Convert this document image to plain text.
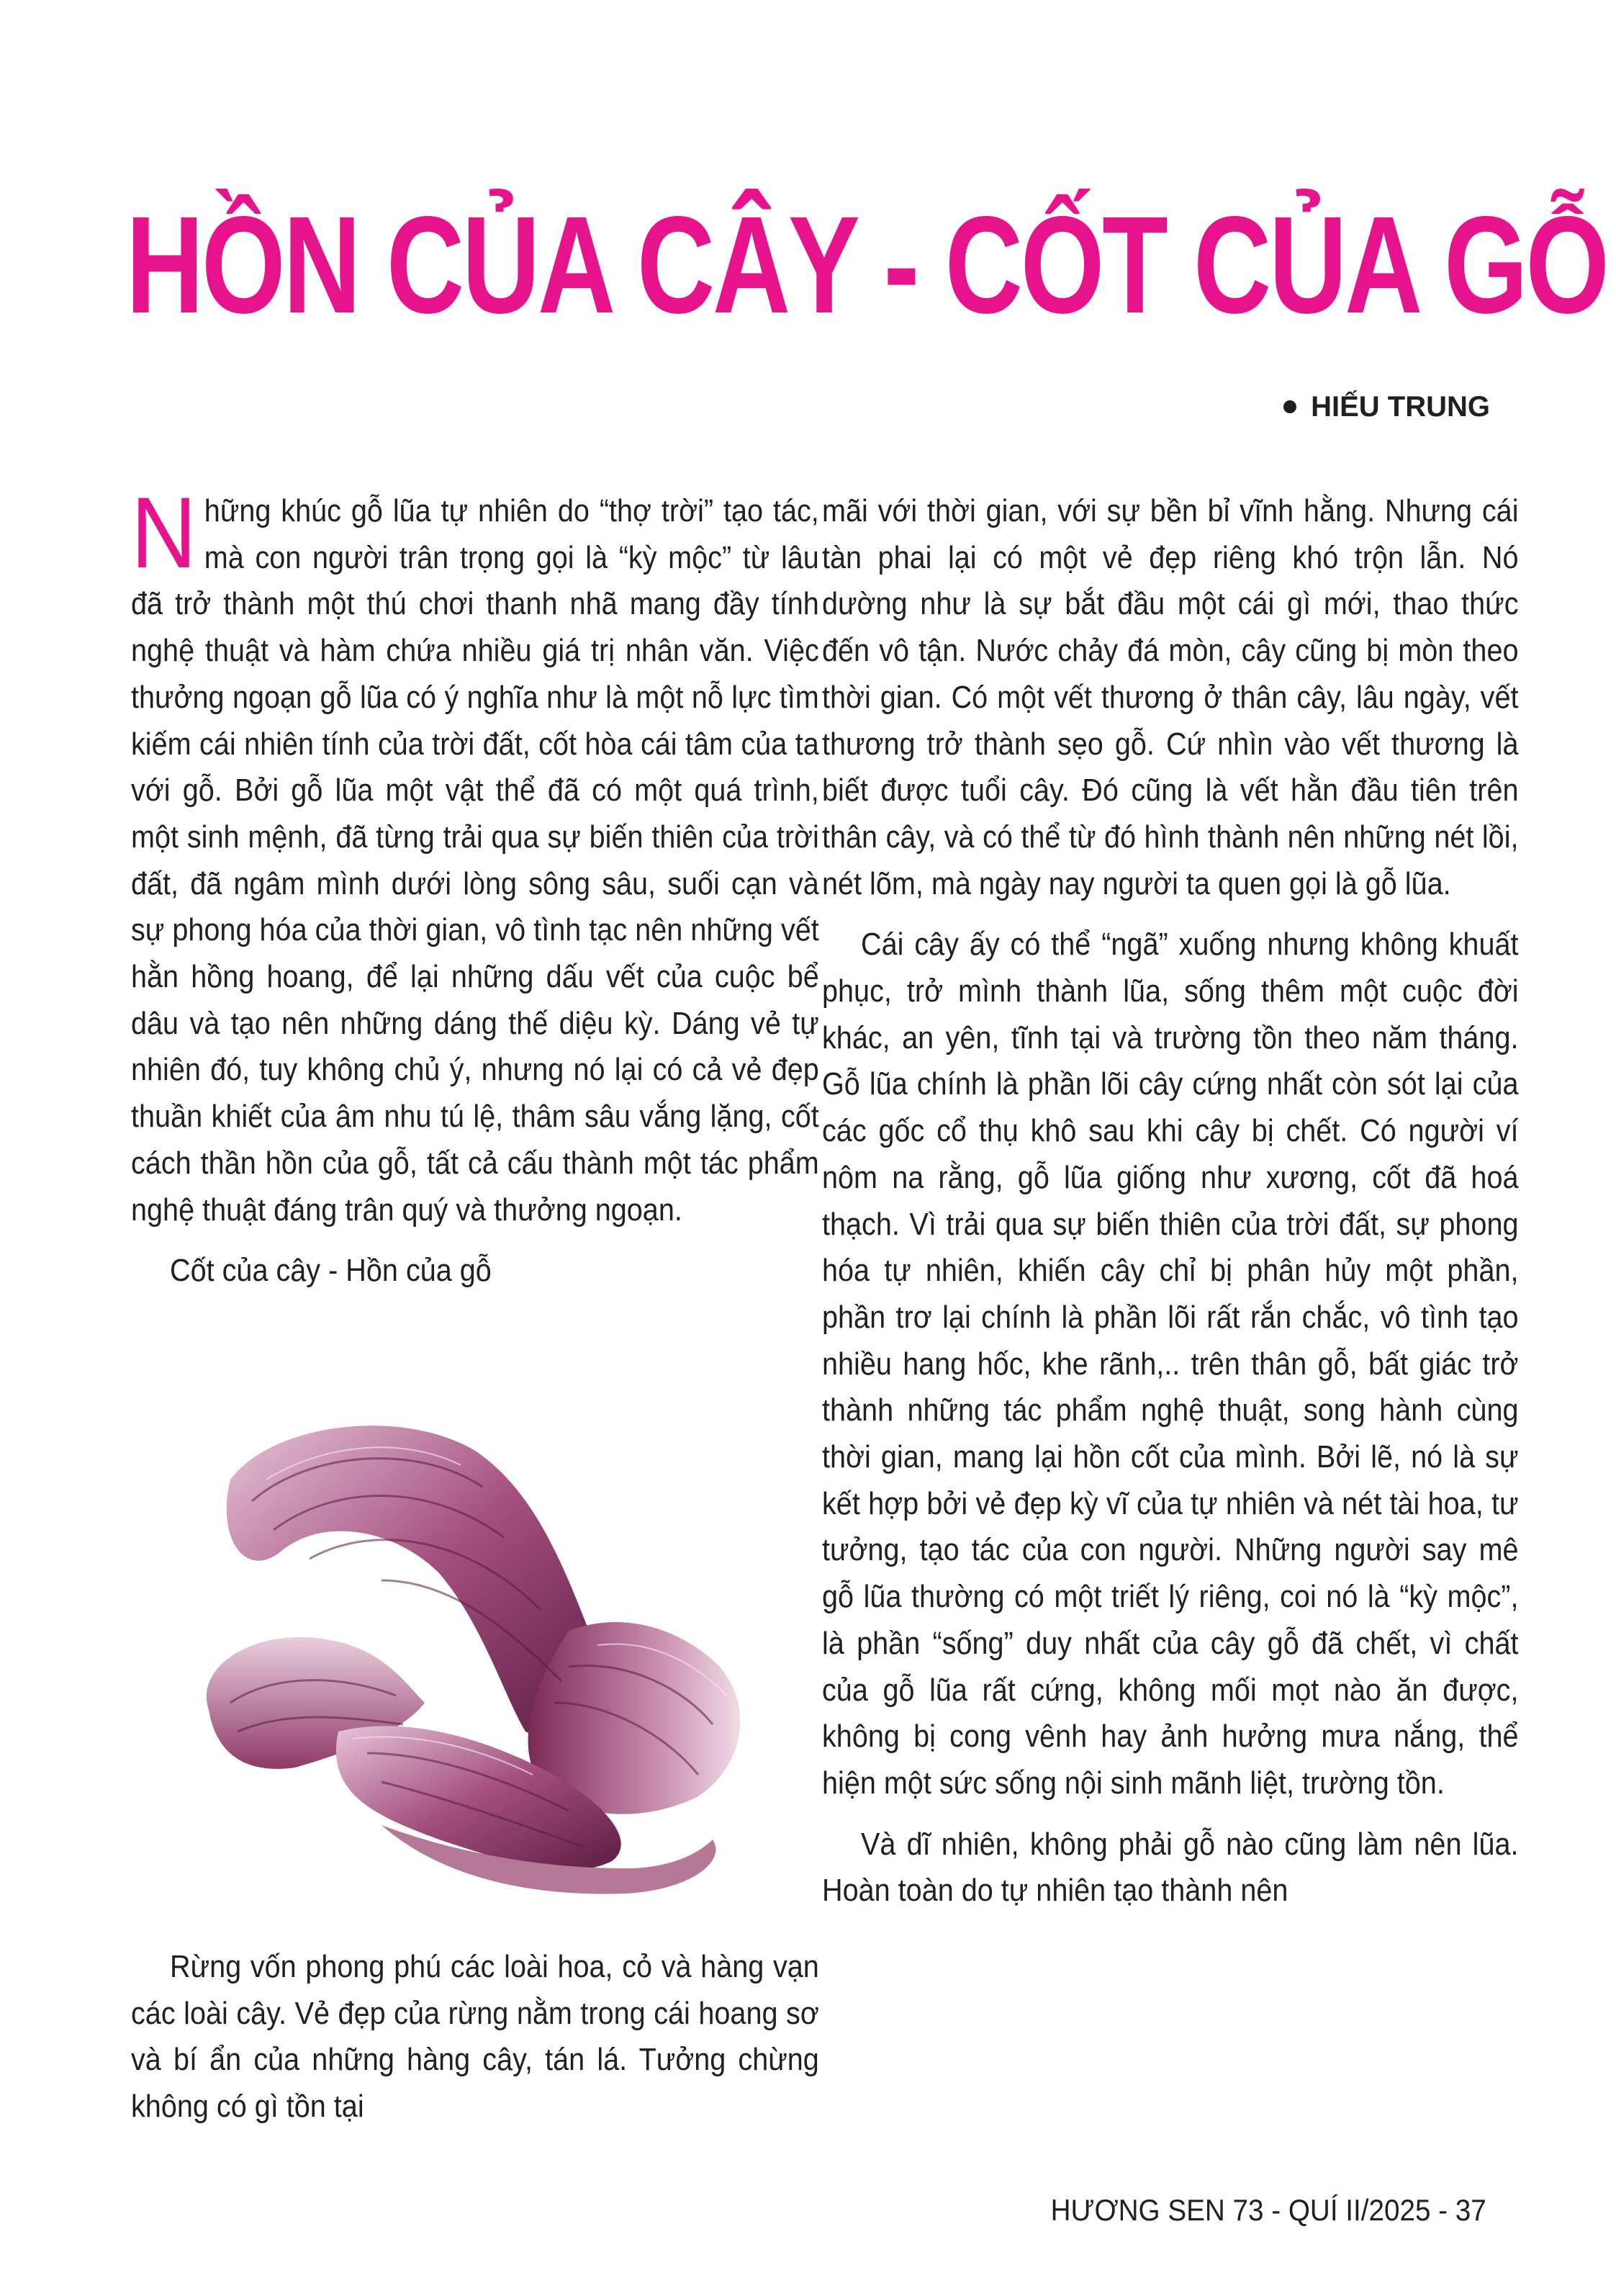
HỒN CỦA CÂY - CỐT CỦA GỖ
HIẾU TRUNG

Những khúc gỗ lũa tự nhiên do “thợ trời” tạo tác, mà con người trân trọng gọi là “kỳ mộc” từ lâu đã trở thành một thú chơi thanh nhã mang đầy tính nghệ thuật và hàm chứa nhiều giá trị nhân văn. Việc thưởng ngoạn gỗ lũa có ý nghĩa như là một nỗ lực tìm kiếm cái nhiên tính của trời đất, cốt hòa cái tâm của ta với gỗ. Bởi gỗ lũa một vật thể đã có một quá trình, một sinh mệnh, đã từng trải qua sự biến thiên của trời đất, đã ngâm mình dưới lòng sông sâu, suối cạn và sự phong hóa của thời gian, vô tình tạc nên những vết hằn hồng hoang, để lại những dấu vết của cuộc bể dâu và tạo nên những dáng thế diệu kỳ. Dáng vẻ tự nhiên đó, tuy không chủ ý, nhưng nó lại có cả vẻ đẹp thuần khiết của âm nhu tú lệ, thâm sâu vắng lặng, cốt cách thần hồn của gỗ, tất cả cấu thành một tác phẩm nghệ thuật đáng trân quý và thưởng ngoạn.

Cốt của cây - Hồn của gỗ

Rừng vốn phong phú các loài hoa, cỏ và hàng vạn các loài cây. Vẻ đẹp của rừng nằm trong cái hoang sơ và bí ẩn của những hàng cây, tán lá. Tưởng chừng không có gì tồn tại

mãi với thời gian, với sự bền bỉ vĩnh hằng. Nhưng cái tàn phai lại có một vẻ đẹp riêng khó trộn lẫn. Nó dường như là sự bắt đầu một cái gì mới, thao thức đến vô tận. Nước chảy đá mòn, cây cũng bị mòn theo thời gian. Có một vết thương ở thân cây, lâu ngày, vết thương trở thành sẹo gỗ. Cứ nhìn vào vết thương là biết được tuổi cây. Đó cũng là vết hằn đầu tiên trên thân cây, và có thể từ đó hình thành nên những nét lồi, nét lõm, mà ngày nay người ta quen gọi là gỗ lũa.

Cái cây ấy có thể “ngã” xuống nhưng không khuất phục, trở mình thành lũa, sống thêm một cuộc đời khác, an yên, tĩnh tại và trường tồn theo năm tháng. Gỗ lũa chính là phần lõi cây cứng nhất còn sót lại của các gốc cổ thụ khô sau khi cây bị chết. Có người ví nôm na rằng, gỗ lũa giống như xương, cốt đã hoá thạch. Vì trải qua sự biến thiên của trời đất, sự phong hóa tự nhiên, khiến cây chỉ bị phân hủy một phần, phần trơ lại chính là phần lõi rất rắn chắc, vô tình tạo nhiều hang hốc, khe rãnh,.. trên thân gỗ, bất giác trở thành những tác phẩm nghệ thuật, song hành cùng thời gian, mang lại hồn cốt của mình. Bởi lẽ, nó là sự kết hợp bởi vẻ đẹp kỳ vĩ của tự nhiên và nét tài hoa, tư tưởng, tạo tác của con người. Những người say mê gỗ lũa thường có một triết lý riêng, coi nó là “kỳ mộc”, là phần “sống” duy nhất của cây gỗ đã chết, vì chất của gỗ lũa rất cứng, không mối mọt nào ăn được, không bị cong vênh hay ảnh hưởng mưa nắng, thể hiện một sức sống nội sinh mãnh liệt, trường tồn.

Và dĩ nhiên, không phải gỗ nào cũng làm nên lũa. Hoàn toàn do tự nhiên tạo thành nên

HƯƠNG SEN 73 - QUÍ II/2025 - 37
